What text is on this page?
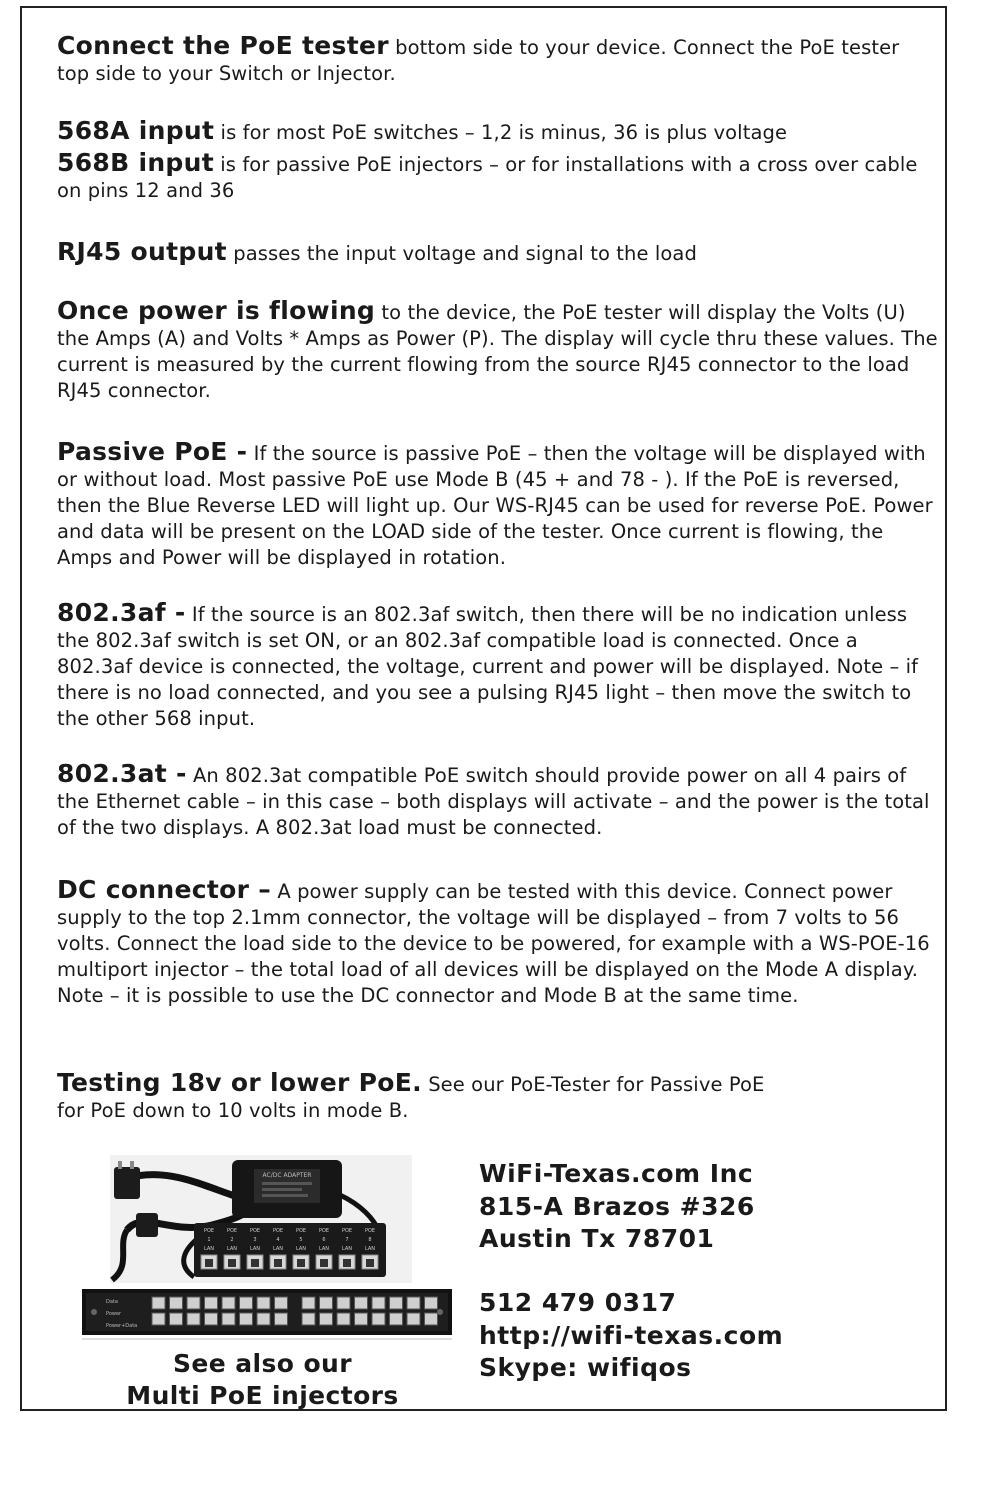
Connect the PoE tester bottom side to your device. Connect the PoE tester top side to your Switch or Injector.

568A input is for most PoE switches – 1,2 is minus, 36 is plus voltage

568B input is for passive PoE injectors – or for installations with a cross over cable on pins 12 and 36

RJ45 output passes the input voltage and signal to the load

Once power is flowing to the device, the PoE tester will display the Volts (U) the Amps (A) and Volts * Amps as Power (P). The display will cycle thru these values. The current is measured by the current flowing from the source RJ45 connector to the load RJ45 connector.

Passive PoE - If the source is passive PoE – then the voltage will be displayed with or without load. Most passive PoE use Mode B (45 + and 78 - ). If the PoE is reversed, then the Blue Reverse LED will light up. Our WS-RJ45 can be used for reverse PoE. Power and data will be present on the LOAD side of the tester. Once current is flowing, the Amps and Power will be displayed in rotation.

802.3af - If the source is an 802.3af switch, then there will be no indication unless the 802.3af switch is set ON, or an 802.3af compatible load is connected. Once a 802.3af device is connected, the voltage, current and power will be displayed. Note – if there is no load connected, and you see a pulsing RJ45 light – then move the switch to the other 568 input.

802.3at - An 802.3at compatible PoE switch should provide power on all 4 pairs of the Ethernet cable – in this case – both displays will activate – and the power is the total of the two displays. A 802.3at load must be connected.

DC connector – A power supply can be tested with this device. Connect power supply to the top 2.1mm connector, the voltage will be displayed – from 7 volts to 56 volts. Connect the load side to the device to be powered, for example with a WS-POE-16 multiport injector – the total load of all devices will be displayed on the Mode A display. Note – it is possible to use the DC connector and Mode B at the same time.

Testing 18v or lower PoE. See our PoE-Tester for Passive PoE for PoE down to 10 volts in mode B.

AC/DC ADAPTER
POE
1
LAN
POE
2
LAN
POE
3
LAN
POE
4
LAN
POE
5
LAN
POE
6
LAN
POE
7
LAN
POE
8
LAN
Data
Power
Power+Data
See also our
Multi PoE injectors
WiFi-Texas.com Inc
815-A Brazos #326
Austin Tx 78701
512 479 0317
http://wifi-texas.com
Skype: wifiqos
